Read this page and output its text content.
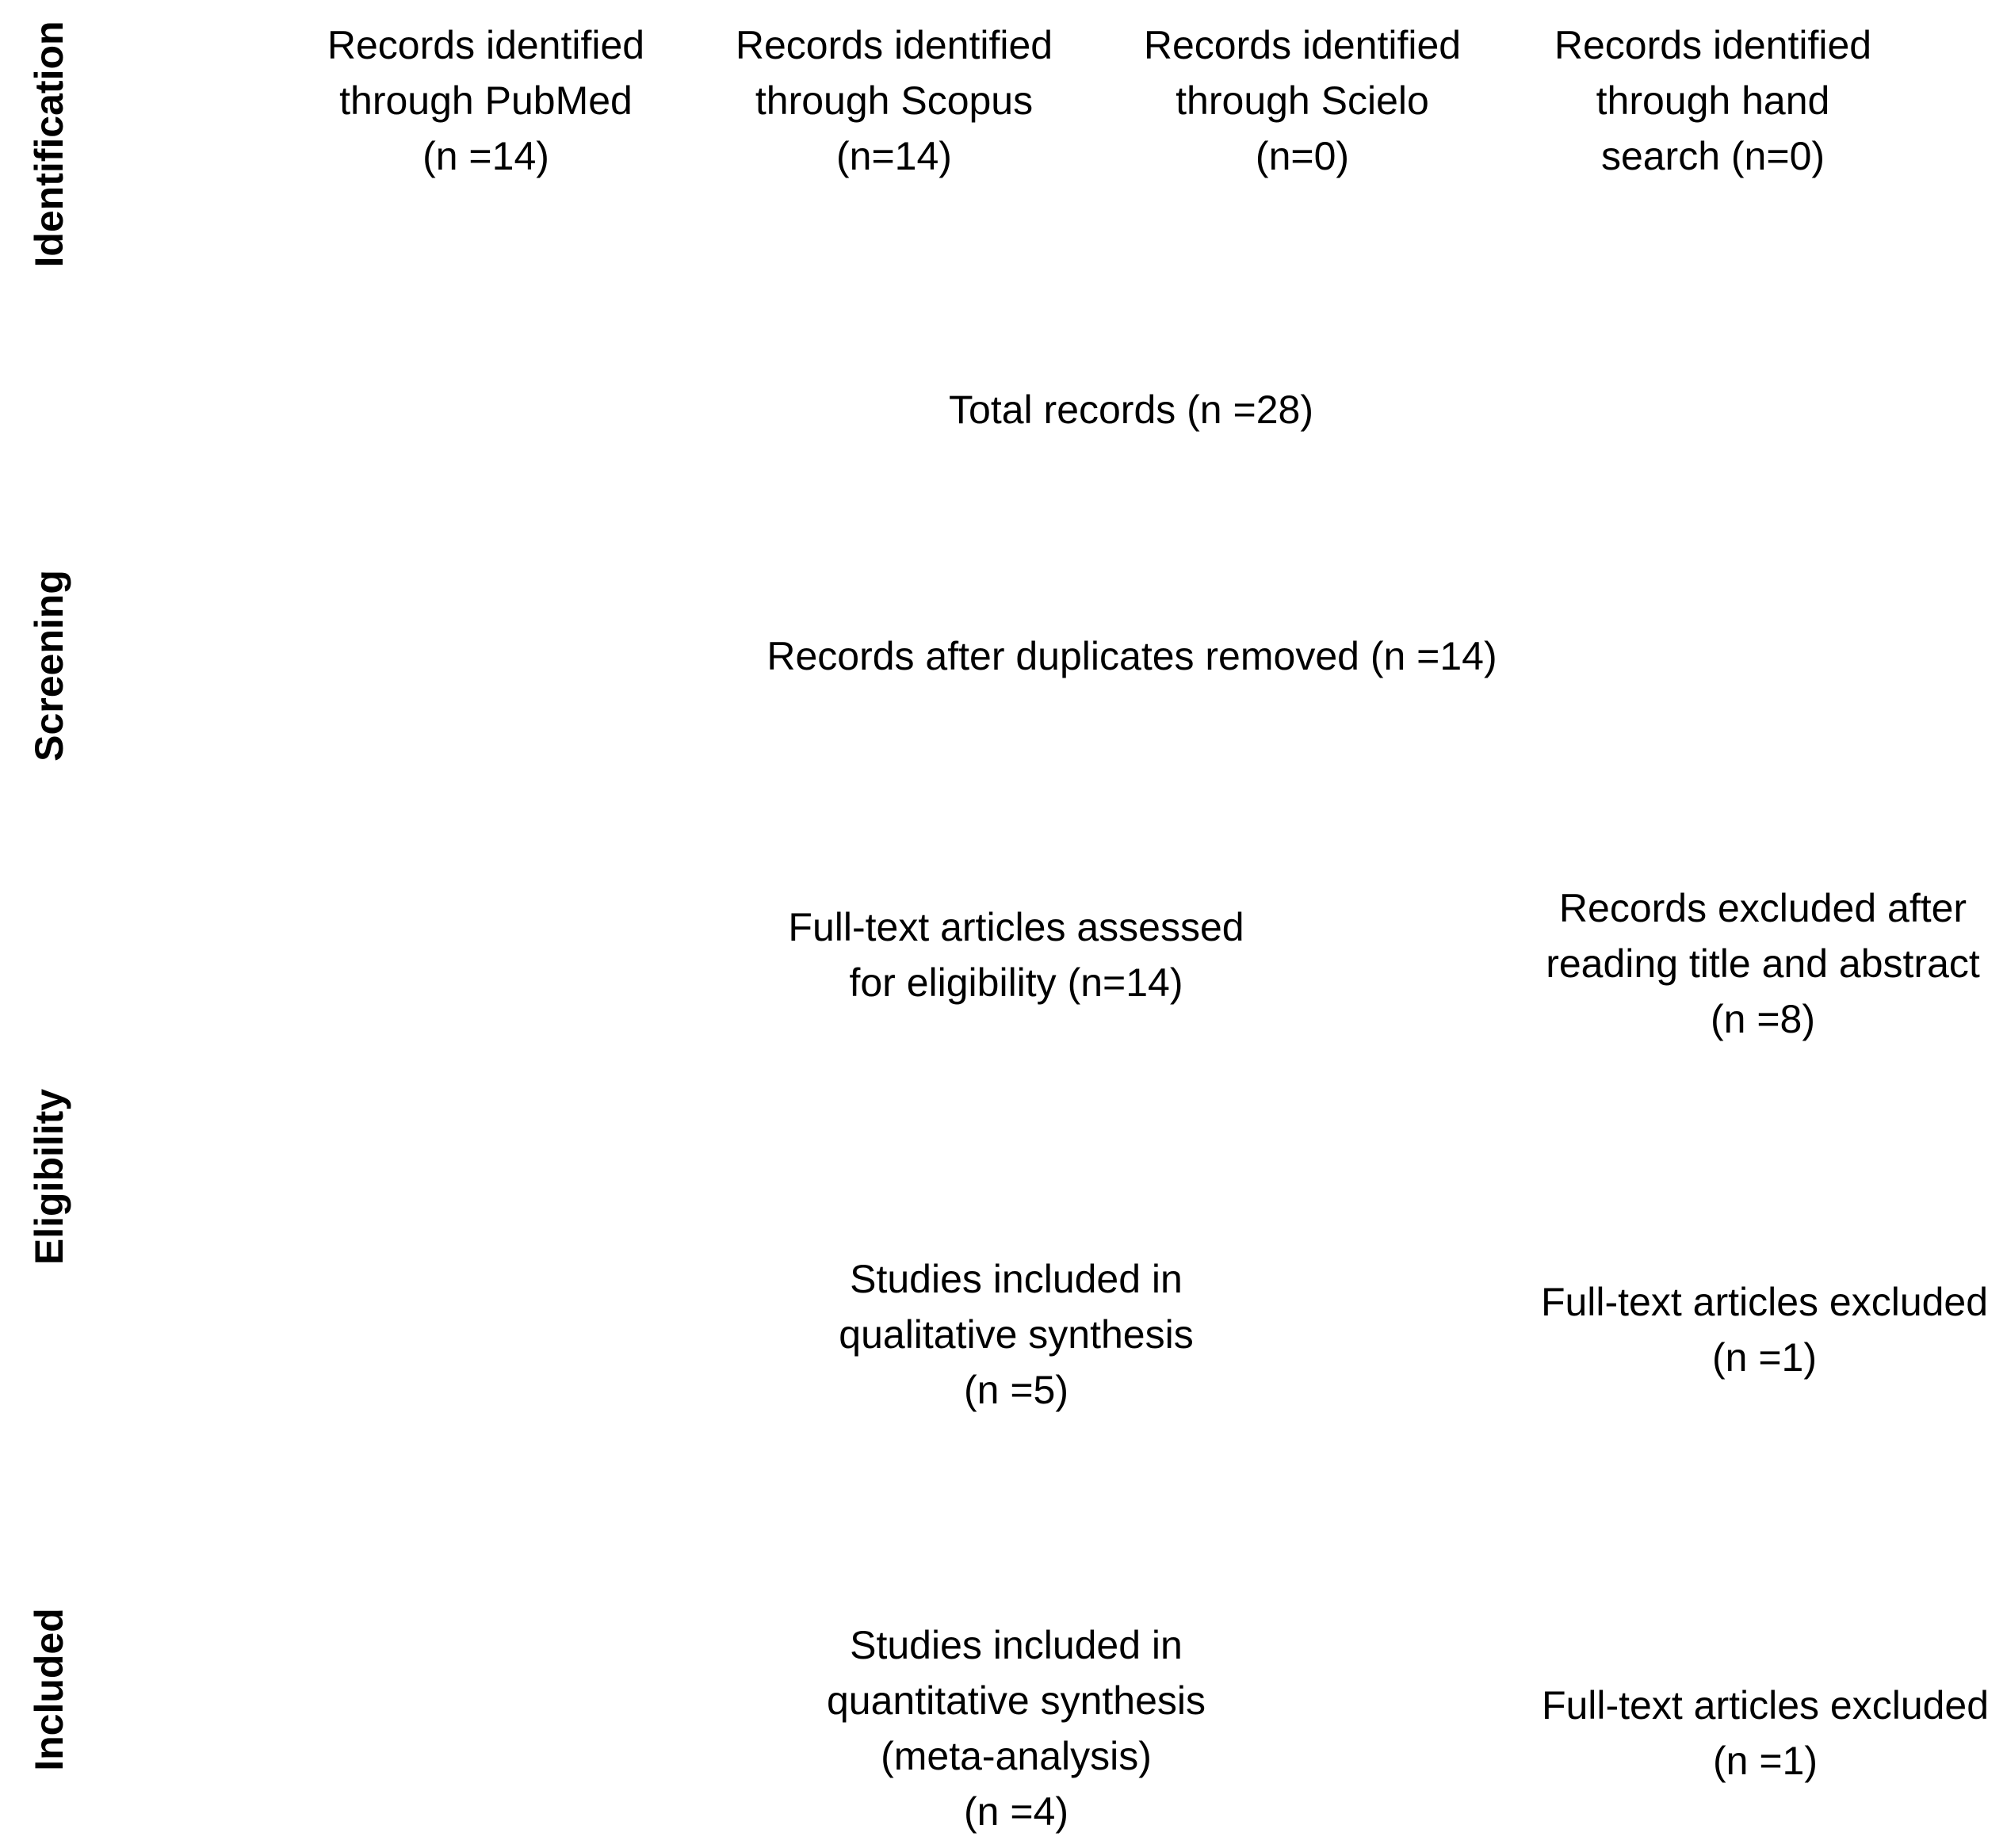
Identification
Screening
Eligibility
Included
Records identified
through PubMed
(n =14)
Records identified
through Scopus
(n=14)
Records identified
through Scielo
(n=0)
Records identified
through hand
search (n=0)
Total records (n =28)
Records after duplicates removed (n =14)
Full-text articles assessed
for eligibility (n=14)
Records excluded after
reading title and abstract
(n =8)
Studies included in
qualitative synthesis
(n =5)
Full-text articles excluded
(n =1)
Studies included in
quantitative synthesis
(meta-analysis)
(n =4)
Full-text articles excluded
(n =1)
